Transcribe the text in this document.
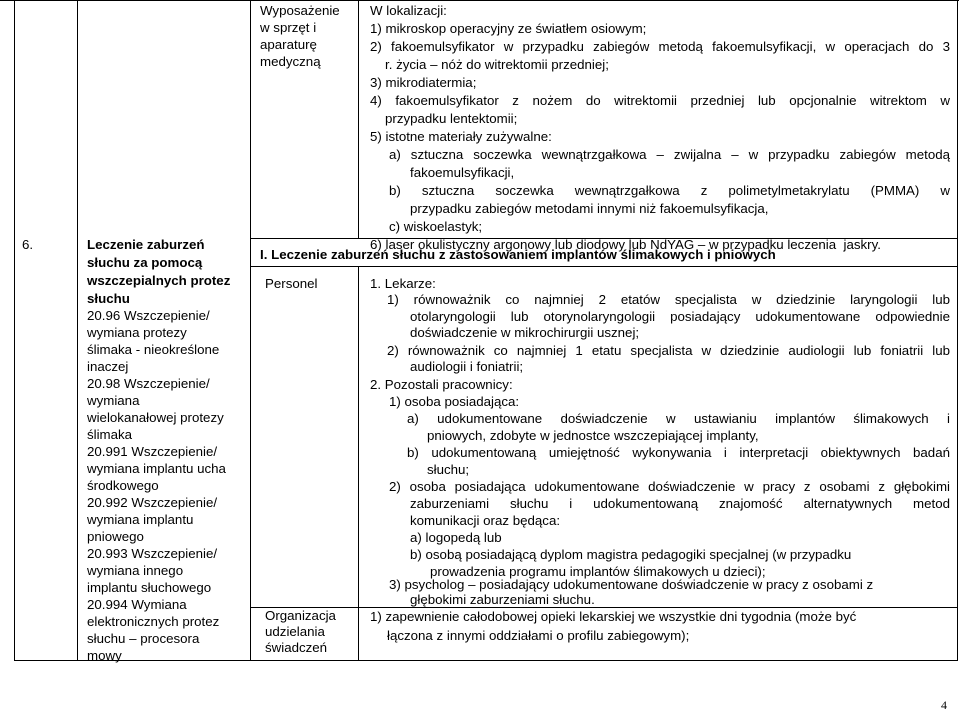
6.	Leczenie zaburzeń
słuchu za pomocą
wszczepialnych protez
słuchu
20.96 Wszczepienie/
wymiana protezy
ślimaka - nieokreślone
inaczej
20.98 Wszczepienie/
wymiana
wielokanałowej protezy
ślimaka
20.991 Wszczepienie/
wymiana implantu ucha
środkowego
20.992 Wszczepienie/
wymiana implantu
pniowego
20.993 Wszczepienie/
wymiana innego
implantu słuchowego
20.994 Wymiana
elektronicznych protez
słuchu – procesora
mowy
Wyposażenie
w sprzęt i
aparaturę
medyczną
W lokalizacji:
1) mikroskop operacyjny ze światłem osiowym;
2) fakoemulsyfikator w przypadku zabiegów metodą fakoemulsyfikacji, w operacjach do 3
r. życia – nóż do witrektomii przedniej;
3) mikrodiatermia;
4) fakoemulsyfikator z nożem do witrektomii przedniej lub opcjonalnie witrektom w
przypadku lentektomii;
5) istotne materiały zużywalne:
a) sztuczna soczewka wewnątrzgałkowa – zwijalna – w przypadku zabiegów metodą
fakoemulsyfikacji,
b) sztuczna soczewka wewnątrzgałkowa z polimetylmetakrylatu (PMMA) w
przypadku zabiegów metodami innymi niż fakoemulsyfikacja,
c) wiskoelastyk;
6) laser okulistyczny argonowy lub diodowy lub NdYAG – w przypadku leczenia  jaskry.
I. Leczenie zaburzeń słuchu z zastosowaniem implantów ślimakowych i pniowych
Personel	1. Lekarze:
1) równoważnik co najmniej 2 etatów specjalista w dziedzinie laryngologii lub
otolaryngologii lub otorynolaryngologii posiadający udokumentowane odpowiednie
doświadczenie w mikrochirurgii usznej;
2) równoważnik co najmniej 1 etatu specjalista w dziedzinie audiologii lub foniatrii lub
audiologii i foniatrii;
2. Pozostali pracownicy:
1) osoba posiadająca:
a) udokumentowane doświadczenie w ustawianiu implantów ślimakowych i
pniowych, zdobyte w jednostce wszczepiającej implanty,
b) udokumentowaną umiejętność wykonywania i interpretacji obiektywnych badań
słuchu;
2) osoba posiadająca udokumentowane doświadczenie w pracy z osobami z głębokimi
zaburzeniami słuchu i udokumentowaną znajomość alternatywnych metod
komunikacji oraz będąca:
a) logopedą lub
b) osobą posiadającą dyplom magistra pedagogiki specjalnej (w przypadku
prowadzenia programu implantów ślimakowych u dzieci);
3) psycholog – posiadający udokumentowane doświadczenie w pracy z osobami z
głębokimi zaburzeniami słuchu.
Organizacja
udzielania
świadczeń
1) zapewnienie całodobowej opieki lekarskiej we wszystkie dni tygodnia (może być
łączona z innymi oddziałami o profilu zabiegowym);
4
